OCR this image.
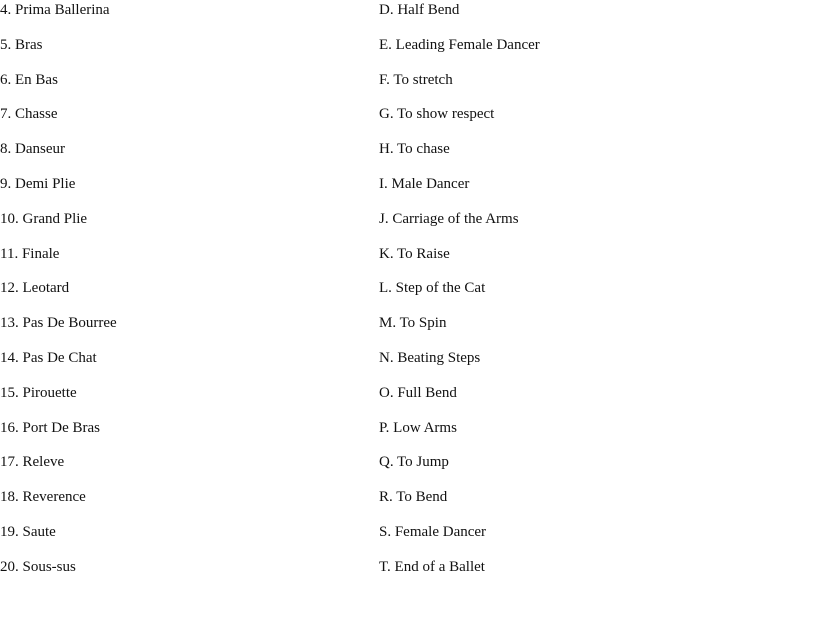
4. Prima Ballerina
5. Bras
6. En Bas
7. Chasse
8. Danseur
9. Demi Plie
10. Grand Plie
11. Finale
12. Leotard
13. Pas De Bourree
14. Pas De Chat
15. Pirouette
16. Port De Bras
17. Releve
18. Reverence
19. Saute
20. Sous-sus
D. Half Bend
E. Leading Female Dancer
F. To stretch
G. To show respect
H. To chase
I. Male Dancer
J. Carriage of the Arms
K. To Raise
L. Step of the Cat
M. To Spin
N. Beating Steps
O. Full Bend
P. Low Arms
Q. To Jump
R. To Bend
S. Female Dancer
T. End of a Ballet
